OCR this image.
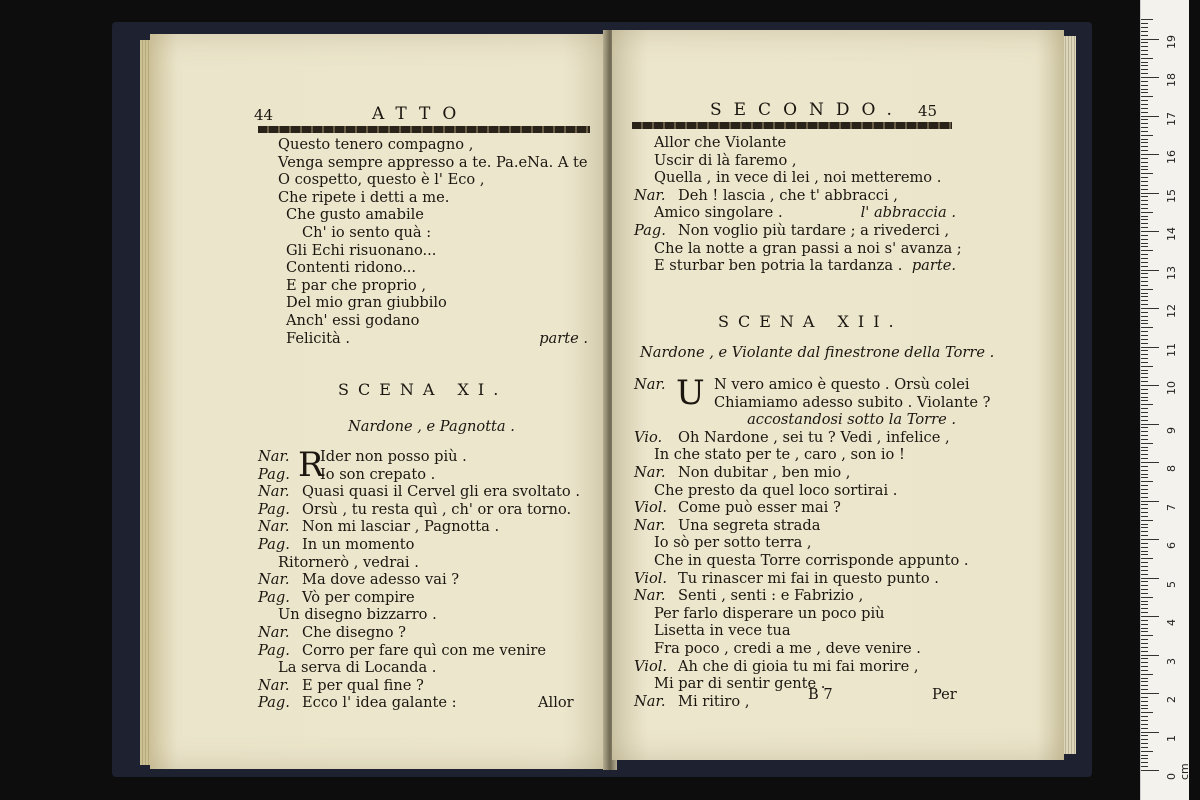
44	ATTO
Questo tenero compagno ,
Venga sempre appresso a te. Pa.eNa. A te
O cospetto, questo è l' Eco ,
Che ripete i detti a me.
Che gusto amabile
Ch' io sento quà :
Gli Echi risuonano...
Contenti ridono...
E par che proprio ,
Del mio gran giubbilo
Anch' essi godano
Felicità .	parte .
SCENA XI.
Nardone , e Pagnotta .
R
Nar. Ider non posso più .
Pag. Io son crepato .
Nar. Quasi quasi il Cervel gli era svoltato .
Pag. Orsù , tu resta quì , ch' or ora torno.
Nar. Non mi lasciar , Pagnotta .
Pag. In un momento
Ritornerò , vedrai .
Nar. Ma dove adesso vai ?
Pag. Vò per compire
Un disegno bizzarro .
Nar. Che disegno ?
Pag. Corro per fare quì con me venire
La serva di Locanda .
Nar. E per qual fine ?
Pag. Ecco l' idea galante :	Allor
SECONDO. 45
Allor che Violante
Uscir di là faremo ,
Quella , in vece di lei , noi metteremo .
Nar. Deh ! lascia , che t' abbracci ,
Amico singolare .	l' abbraccia .
Pag. Non voglio più tardare ; a rivederci ,
Che la notte a gran passi a noi s' avanza ;
E sturbar ben potria la tardanza . parte.
SCENA XII.
Nardone , e Violante dal finestrone della Torre .
U
Nar.	N vero amico è questo . Orsù colei
Chiamiamo adesso subito . Violante ?
accostandosi sotto la Torre .
Vio. Oh Nardone , sei tu ? Vedi , infelice ,
In che stato per te , caro , son io !
Nar. Non dubitar , ben mio ,
Che presto da quel loco sortirai .
Viol. Come può esser mai ?
Nar. Una segreta strada
Io sò per sotto terra ,
Che in questa Torre corrisponde appunto .
Viol. Tu rinascer mi fai in questo punto .
Nar. Senti , senti : e Fabrizio ,
Per farlo disperare un poco più
Lisetta in vece tua
Fra poco , credi a me , deve venire .
Viol. Ah che di gioia tu mi fai morire ,
Mi par di sentir gente .
Nar. Mi ritiro ,	B 7	Per
0 cm
1
2
3
4
5
6
7
8
9
10
11
12
13
14
15
16
17
18
19
